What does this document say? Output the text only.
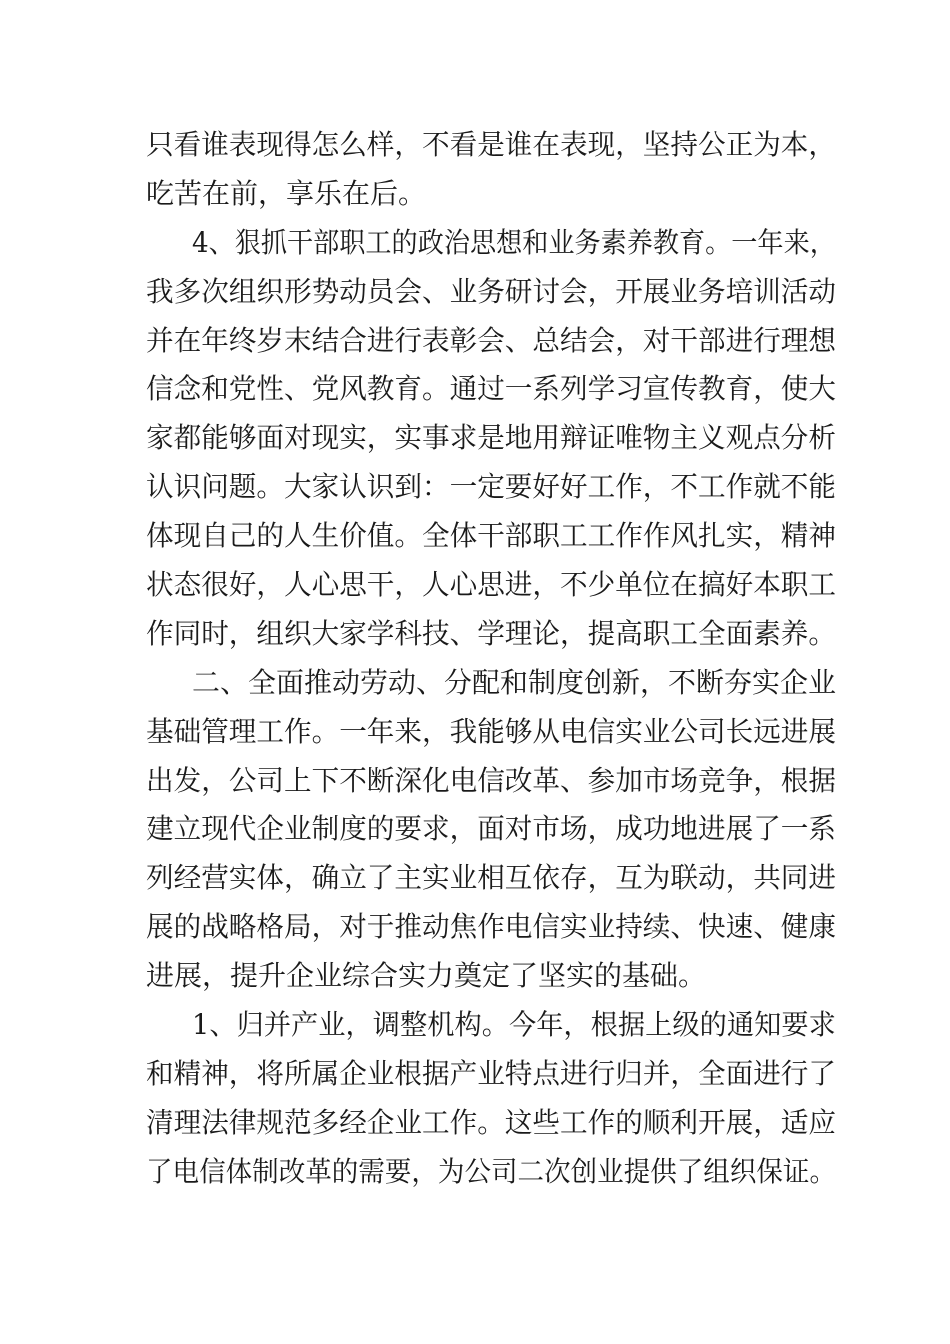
只看谁表现得怎么样，不看是谁在表现，坚持公正为本，
吃苦在前，享乐在后。
4、狠抓干部职工的政治思想和业务素养教育。一年来，
我多次组织形势动员会、业务研讨会，开展业务培训活动
并在年终岁末结合进行表彰会、总结会，对干部进行理想
信念和党性、党风教育。通过一系列学习宣传教育，使大
家都能够面对现实，实事求是地用辩证唯物主义观点分析
认识问题。大家认识到：一定要好好工作，不工作就不能
体现自己的人生价值。全体干部职工工作作风扎实，精神
状态很好，人心思干，人心思进，不少单位在搞好本职工
作同时，组织大家学科技、学理论，提高职工全面素养。
二、全面推动劳动、分配和制度创新，不断夯实企业
基础管理工作。一年来，我能够从电信实业公司长远进展
出发，公司上下不断深化电信改革、参加市场竞争，根据
建立现代企业制度的要求，面对市场，成功地进展了一系
列经营实体，确立了主实业相互依存，互为联动，共同进
展的战略格局，对于推动焦作电信实业持续、快速、健康
进展，提升企业综合实力奠定了坚实的基础。
1、归并产业，调整机构。今年，根据上级的通知要求
和精神，将所属企业根据产业特点进行归并，全面进行了
清理法律规范多经企业工作。这些工作的顺利开展，适应
了电信体制改革的需要，为公司二次创业提供了组织保证。
